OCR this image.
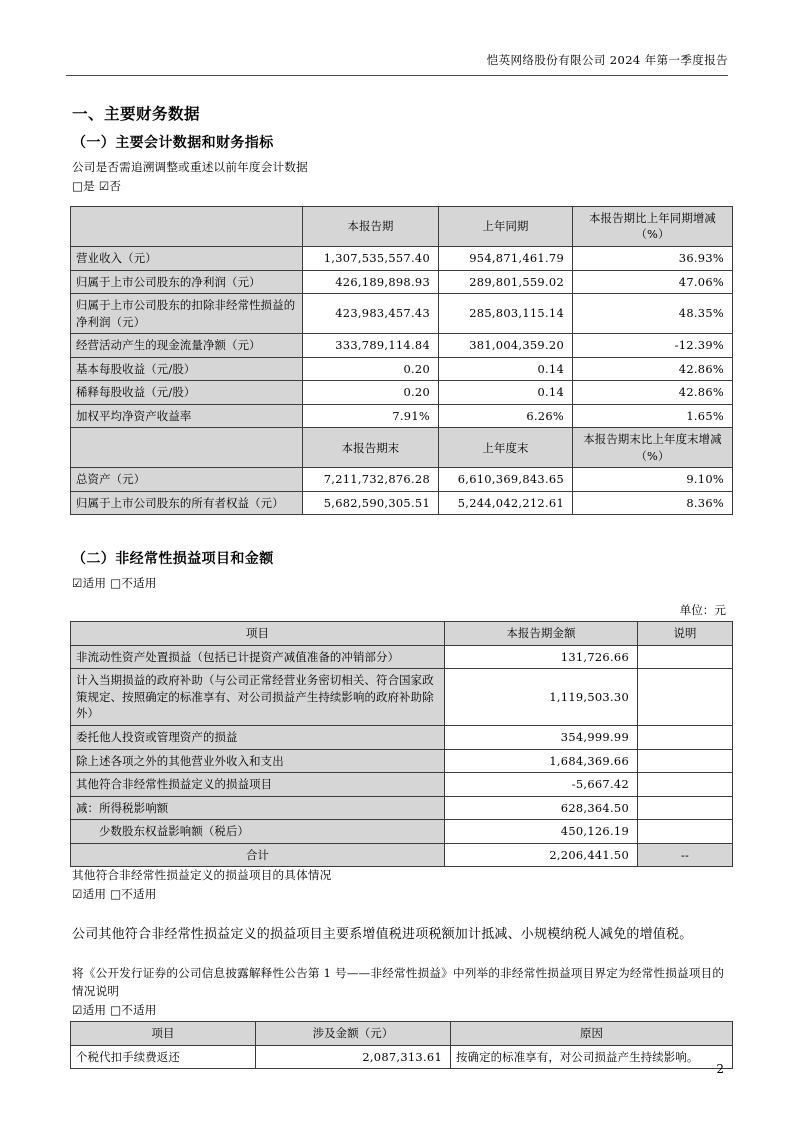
恺英网络股份有限公司 2024 年第一季度报告
一、主要财务数据
（一）主要会计数据和财务指标
公司是否需追溯调整或重述以前年度会计数据
□是 ☑否
	本报告期	上年同期	本报告期比上年同期增减（%）
营业收入（元）	1,307,535,557.40	954,871,461.79	36.93%
归属于上市公司股东的净利润（元）	426,189,898.93	289,801,559.02	47.06%
归属于上市公司股东的扣除非经常性损益的净利润（元）	423,983,457.43	285,803,115.14	48.35%
经营活动产生的现金流量净额（元）	333,789,114.84	381,004,359.20	-12.39%
基本每股收益（元/股）	0.20	0.14	42.86%
稀释每股收益（元/股）	0.20	0.14	42.86%
加权平均净资产收益率	7.91%	6.26%	1.65%
	本报告期末	上年度末	本报告期末比上年度末增减（%）
总资产（元）	7,211,732,876.28	6,610,369,843.65	9.10%
归属于上市公司股东的所有者权益（元）	5,682,590,305.51	5,244,042,212.61	8.36%
（二）非经常性损益项目和金额
☑适用 □不适用
单位：元
项目	本报告期金额	说明
非流动性资产处置损益（包括已计提资产减值准备的冲销部分）	131,726.66	
计入当期损益的政府补助（与公司正常经营业务密切相关、符合国家政策规定、按照确定的标准享有、对公司损益产生持续影响的政府补助除外）	1,119,503.30	
委托他人投资或管理资产的损益	354,999.99	
除上述各项之外的其他营业外收入和支出	1,684,369.66	
其他符合非经常性损益定义的损益项目	-5,667.42	
减：所得税影响额	628,364.50	
少数股东权益影响额（税后）	450,126.19	
合计	2,206,441.50	--
其他符合非经常性损益定义的损益项目的具体情况
☑适用 □不适用
公司其他符合非经常性损益定义的损益项目主要系增值税进项税额加计抵减、小规模纳税人减免的增值税。
将《公开发行证券的公司信息披露解释性公告第 1 号——非经常性损益》中列举的非经常性损益项目界定为经常性损益项目的情况说明
☑适用 □不适用
项目	涉及金额（元）	原因
个税代扣手续费返还	2,087,313.61	按确定的标准享有，对公司损益产生持续影响。
2
